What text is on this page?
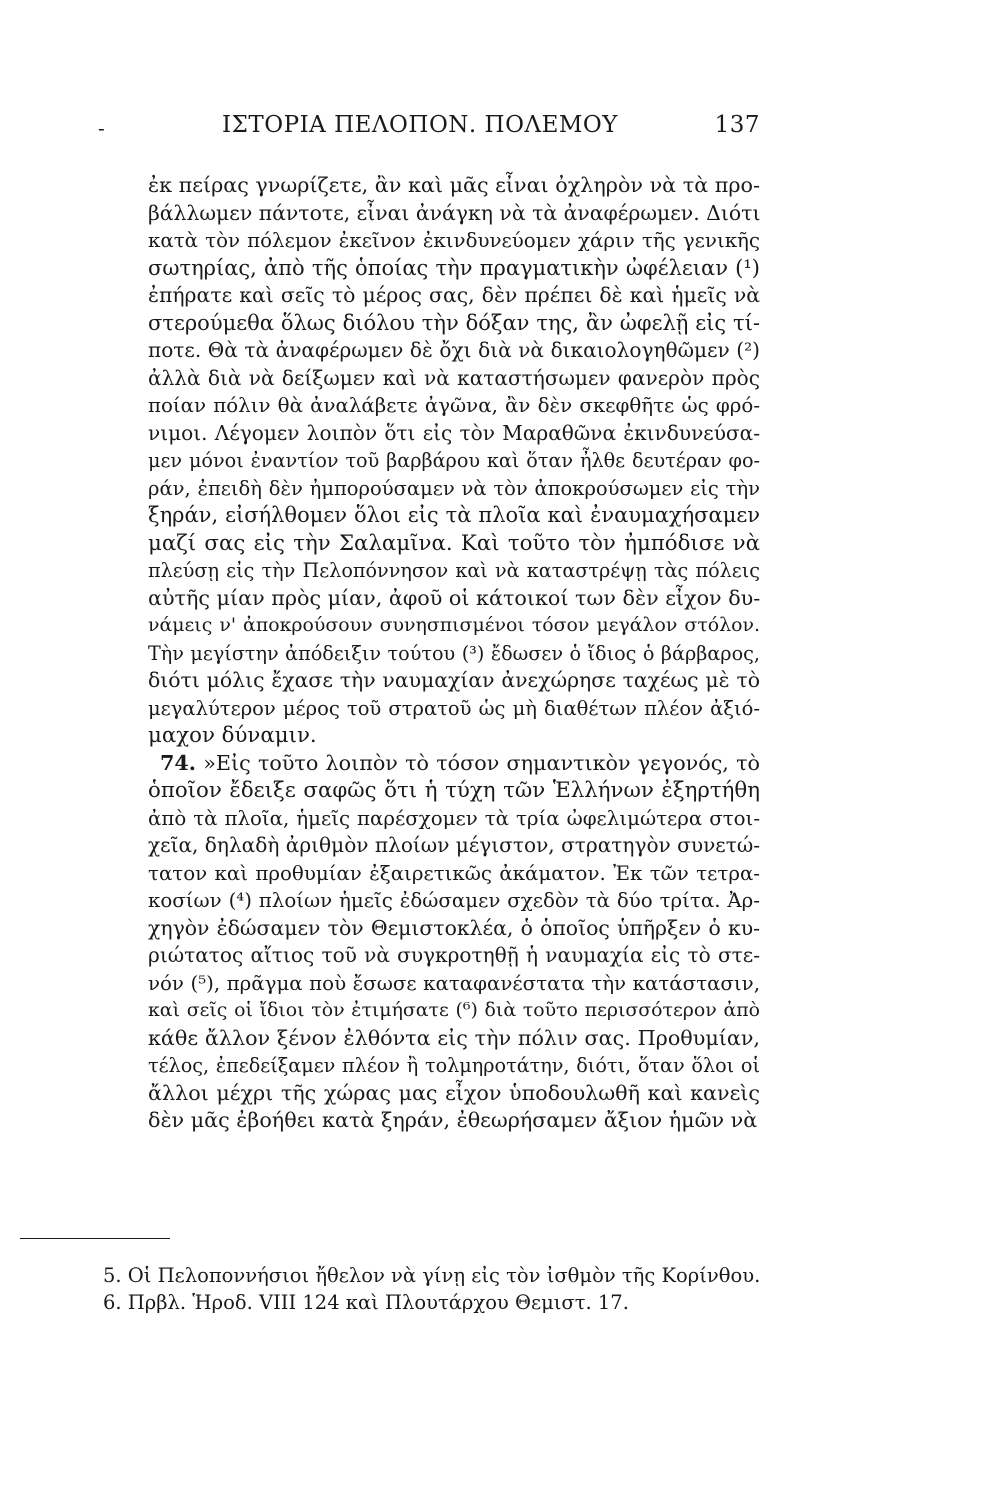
-	ΙΣΤΟΡΙΑ ΠΕΛΟΠΟΝ. ΠΟΛΕΜΟΥ	137
ἐκ πείρας γνωρίζετε, ἂν καὶ μᾶς εἶναι ὀχληρὸν νὰ τὰ προ-
βάλλωμεν πάντοτε, εἶναι ἀνάγκη νὰ τὰ ἀναφέρωμεν. Διότι
κατὰ τὸν πόλεμον ἐκεῖνον ἐκινδυνεύομεν χάριν τῆς γενικῆς
σωτηρίας, ἀπὸ τῆς ὁποίας τὴν πραγματικὴν ὠφέλειαν (¹)
ἐπήρατε καὶ σεῖς τὸ μέρος σας, δὲν πρέπει δὲ καὶ ἡμεῖς νὰ
στερούμεθα ὅλως διόλου τὴν δόξαν της, ἂν ὠφελῇ εἰς τί-
ποτε. Θὰ τὰ ἀναφέρωμεν δὲ ὄχι διὰ νὰ δικαιολογηθῶμεν (²)
ἀλλὰ διὰ νὰ δείξωμεν καὶ νὰ καταστήσωμεν φανερὸν πρὸς
ποίαν πόλιν θὰ ἀναλάβετε ἀγῶνα, ἂν δὲν σκεφθῆτε ὡς φρό-
νιμοι. Λέγομεν λοιπὸν ὅτι εἰς τὸν Μαραθῶνα ἐκινδυνεύσα-
μεν μόνοι ἐναντίον τοῦ βαρβάρου καὶ ὅταν ἦλθε δευτέραν φο-
ράν, ἐπειδὴ δὲν ἠμπορούσαμεν νὰ τὸν ἀποκρούσωμεν εἰς τὴν
ξηράν, εἰσήλθομεν ὅλοι εἰς τὰ πλοῖα καὶ ἐναυμαχήσαμεν
μαζί σας εἰς τὴν Σαλαμῖνα. Καὶ τοῦτο τὸν ἠμπόδισε νὰ
πλεύσῃ εἰς τὴν Πελοπόννησον καὶ νὰ καταστρέψῃ τὰς πόλεις
αὐτῆς μίαν πρὸς μίαν, ἀφοῦ οἱ κάτοικοί των δὲν εἶχον δυ-
νάμεις ν' ἀποκρούσουν συνησπισμένοι τόσον μεγάλον στόλον.
Τὴν μεγίστην ἀπόδειξιν τούτου (³) ἔδωσεν ὁ ἴδιος ὁ βάρβαρος,
διότι μόλις ἔχασε τὴν ναυμαχίαν ἀνεχώρησε ταχέως μὲ τὸ
μεγαλύτερον μέρος τοῦ στρατοῦ ὡς μὴ διαθέτων πλέον ἀξιό-
μαχον δύναμιν.
74. »Εἰς τοῦτο λοιπὸν τὸ τόσον σημαντικὸν γεγονός, τὸ
ὁποῖον ἔδειξε σαφῶς ὅτι ἡ τύχη τῶν Ἑλλήνων ἐξηρτήθη
ἀπὸ τὰ πλοῖα, ἡμεῖς παρέσχομεν τὰ τρία ὠφελιμώτερα στοι-
χεῖα, δηλαδὴ ἀριθμὸν πλοίων μέγιστον, στρατηγὸν συνετώ-
τατον καὶ προθυμίαν ἐξαιρετικῶς ἀκάματον. Ἐκ τῶν τετρα-
κοσίων (⁴) πλοίων ἡμεῖς ἐδώσαμεν σχεδὸν τὰ δύο τρίτα. Ἀρ-
χηγὸν ἐδώσαμεν τὸν Θεμιστοκλέα, ὁ ὁποῖος ὑπῆρξεν ὁ κυ-
ριώτατος αἴτιος τοῦ νὰ συγκροτηθῇ ἡ ναυμαχία εἰς τὸ στε-
νόν (⁵), πρᾶγμα ποὺ ἔσωσε καταφανέστατα τὴν κατάστασιν,
καὶ σεῖς οἱ ἴδιοι τὸν ἐτιμήσατε (⁶) διὰ τοῦτο περισσότερον ἀπὸ
κάθε ἄλλον ξένον ἐλθόντα εἰς τὴν πόλιν σας. Προθυμίαν,
τέλος, ἐπεδείξαμεν πλέον ἢ τολμηροτάτην, διότι, ὅταν ὅλοι οἱ
ἄλλοι μέχρι τῆς χώρας μας εἶχον ὑποδουλωθῆ καὶ κανεὶς
δὲν μᾶς ἐβοήθει κατὰ ξηράν, ἐθεωρήσαμεν ἄξιον ἡμῶν νὰ
5. Οἱ Πελοποννήσιοι ἤθελον νὰ γίνῃ εἰς τὸν ἰσθμὸν τῆς Κορίνθου.
6. Πρβλ. Ἡροδ. VIII 124 καὶ Πλουτάρχου Θεμιστ. 17.
